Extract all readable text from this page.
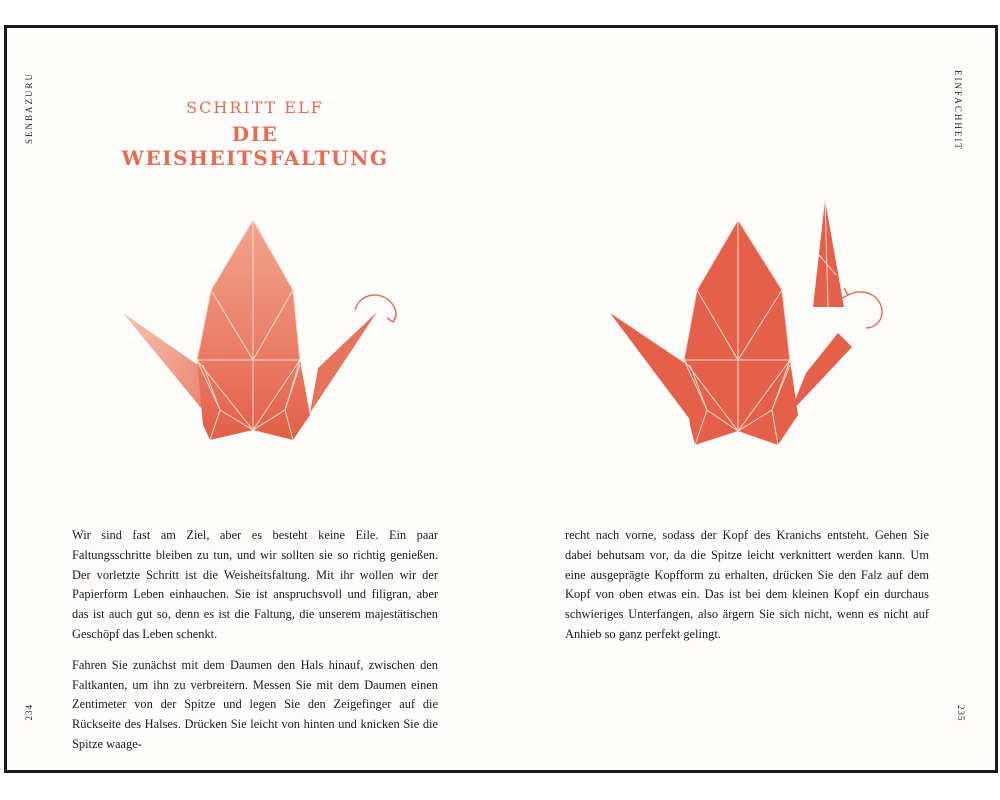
SENBAZURU	EINFACHHEIT
234	235
SCHRITT ELF
DIE WEISHEITSFALTUNG

Wir sind fast am Ziel, aber es besteht keine Eile. Ein paar Faltungsschritte bleiben zu tun, und wir sollten sie so richtig genießen. Der vorletzte Schritt ist die Weisheitsfaltung. Mit ihr wollen wir der Papierform Leben einhauchen. Sie ist anspruchsvoll und filigran, aber das ist auch gut so, denn es ist die Faltung, die unserem majestätischen Geschöpf das Leben schenkt.

Fahren Sie zunächst mit dem Daumen den Hals hinauf, zwischen den Faltkanten, um ihn zu verbreitern. Messen Sie mit dem Daumen einen Zentimeter von der Spitze und legen Sie den Zeigefinger auf die Rückseite des Halses. Drücken Sie leicht von hinten und knicken Sie die Spitze waage-

recht nach vorne, sodass der Kopf des Kranichs entsteht. Gehen Sie dabei behutsam vor, da die Spitze leicht verknittert werden kann. Um eine ausgeprägte Kopfform zu erhalten, drücken Sie den Falz auf dem Kopf von oben etwas ein. Das ist bei dem kleinen Kopf ein durchaus schwieriges Unterfangen, also ärgern Sie sich nicht, wenn es nicht auf Anhieb so ganz perfekt gelingt.
